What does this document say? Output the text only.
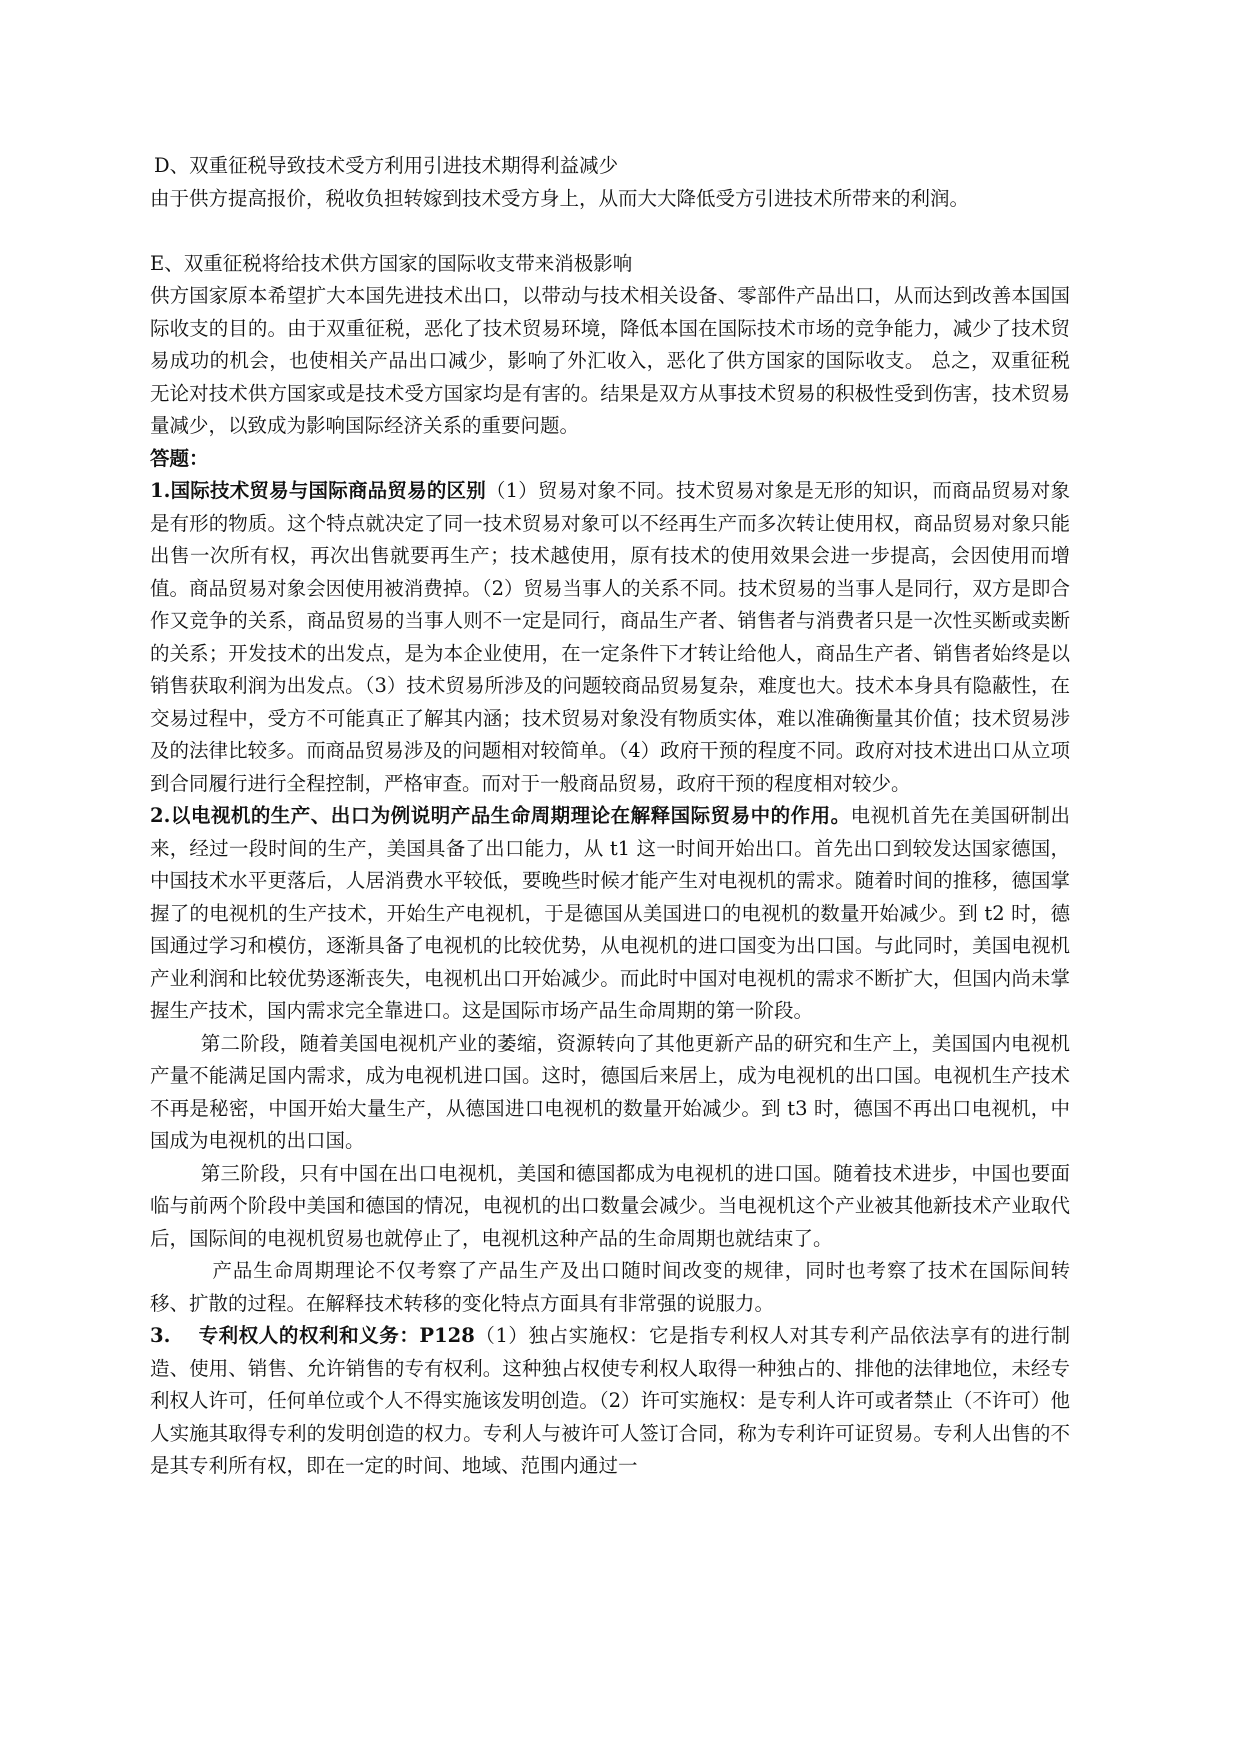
D、双重征税导致技术受方利用引进技术期得利益减少

由于供方提高报价，税收负担转嫁到技术受方身上，从而大大降低受方引进技术所带来的利润。

E、双重征税将给技术供方国家的国际收支带来消极影响

供方国家原本希望扩大本国先进技术出口，以带动与技术相关设备、零部件产品出口，从而达到改善本国国际收支的目的。由于双重征税，恶化了技术贸易环境，降低本国在国际技术市场的竞争能力，减少了技术贸易成功的机会，也使相关产品出口减少，影响了外汇收入，恶化了供方国家的国际收支。 总之，双重征税无论对技术供方国家或是技术受方国家均是有害的。结果是双方从事技术贸易的积极性受到伤害，技术贸易量减少，以致成为影响国际经济关系的重要问题。

答题：

1.国际技术贸易与国际商品贸易的区别（1）贸易对象不同。技术贸易对象是无形的知识，而商品贸易对象是有形的物质。这个特点就决定了同一技术贸易对象可以不经再生产而多次转让使用权，商品贸易对象只能出售一次所有权，再次出售就要再生产；技术越使用，原有技术的使用效果会进一步提高，会因使用而增值。商品贸易对象会因使用被消费掉。（2）贸易当事人的关系不同。技术贸易的当事人是同行，双方是即合作又竞争的关系，商品贸易的当事人则不一定是同行，商品生产者、销售者与消费者只是一次性买断或卖断的关系；开发技术的出发点，是为本企业使用，在一定条件下才转让给他人，商品生产者、销售者始终是以销售获取利润为出发点。（3）技术贸易所涉及的问题较商品贸易复杂，难度也大。技术本身具有隐蔽性，在交易过程中，受方不可能真正了解其内涵；技术贸易对象没有物质实体，难以准确衡量其价值；技术贸易涉及的法律比较多。而商品贸易涉及的问题相对较简单。（4）政府干预的程度不同。政府对技术进出口从立项到合同履行进行全程控制，严格审查。而对于一般商品贸易，政府干预的程度相对较少。

2.以电视机的生产、出口为例说明产品生命周期理论在解释国际贸易中的作用。电视机首先在美国研制出来，经过一段时间的生产，美国具备了出口能力，从 t1 这一时间开始出口。首先出口到较发达国家德国，中国技术水平更落后，人居消费水平较低，要晚些时候才能产生对电视机的需求。随着时间的推移，德国掌握了的电视机的生产技术，开始生产电视机，于是德国从美国进口的电视机的数量开始减少。到 t2 时，德国通过学习和模仿，逐渐具备了电视机的比较优势，从电视机的进口国变为出口国。与此同时，美国电视机产业利润和比较优势逐渐丧失，电视机出口开始减少。而此时中国对电视机的需求不断扩大，但国内尚未掌握生产技术，国内需求完全靠进口。这是国际市场产品生命周期的第一阶段。

第二阶段，随着美国电视机产业的萎缩，资源转向了其他更新产品的研究和生产上，美国国内电视机产量不能满足国内需求，成为电视机进口国。这时，德国后来居上，成为电视机的出口国。电视机生产技术不再是秘密，中国开始大量生产，从德国进口电视机的数量开始减少。到 t3 时，德国不再出口电视机，中国成为电视机的出口国。

第三阶段，只有中国在出口电视机，美国和德国都成为电视机的进口国。随着技术进步，中国也要面临与前两个阶段中美国和德国的情况，电视机的出口数量会减少。当电视机这个产业被其他新技术产业取代后，国际间的电视机贸易也就停止了，电视机这种产品的生命周期也就结束了。

产品生命周期理论不仅考察了产品生产及出口随时间改变的规律，同时也考察了技术在国际间转移、扩散的过程。在解释技术转移的变化特点方面具有非常强的说服力。

3. 专利权人的权利和义务：P128（1）独占实施权：它是指专利权人对其专利产品依法享有的进行制造、使用、销售、允许销售的专有权利。这种独占权使专利权人取得一种独占的、排他的法律地位，未经专利权人许可，任何单位或个人不得实施该发明创造。（2）许可实施权：是专利人许可或者禁止（不许可）他人实施其取得专利的发明创造的权力。专利人与被许可人签订合同，称为专利许可证贸易。专利人出售的不是其专利所有权，即在一定的时间、地域、范围内通过一
